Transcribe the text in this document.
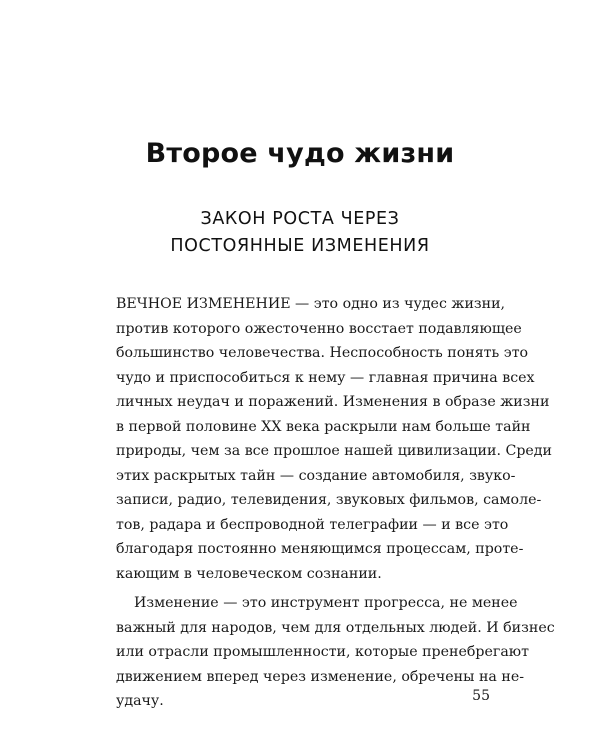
Второе чудо жизни
ЗАКОН РОСТА ЧЕРЕЗ
ПОСТОЯННЫЕ ИЗМЕНЕНИЯ
ВЕЧНОЕ ИЗМЕНЕНИЕ — это одно из чудес жизни,
против которого ожесточенно восстает подавляющее
большинство человечества. Неспособность понять это
чудо и приспособиться к нему — главная причина всех
личных неудач и поражений. Изменения в образе жизни
в первой половине XX века раскрыли нам больше тайн
природы, чем за все прошлое нашей цивилизации. Среди
этих раскрытых тайн — создание автомобиля, звуко-
записи, радио, телевидения, звуковых фильмов, самоле-
тов, радара и беспроводной телеграфии — и все это
благодаря постоянно меняющимся процессам, проте-
кающим в человеческом сознании.
Изменение — это инструмент прогресса, не менее
важный для народов, чем для отдельных людей. И бизнес
или отрасли промышленности, которые пренебрегают
движением вперед через изменение, обречены на не-
удачу.	55
